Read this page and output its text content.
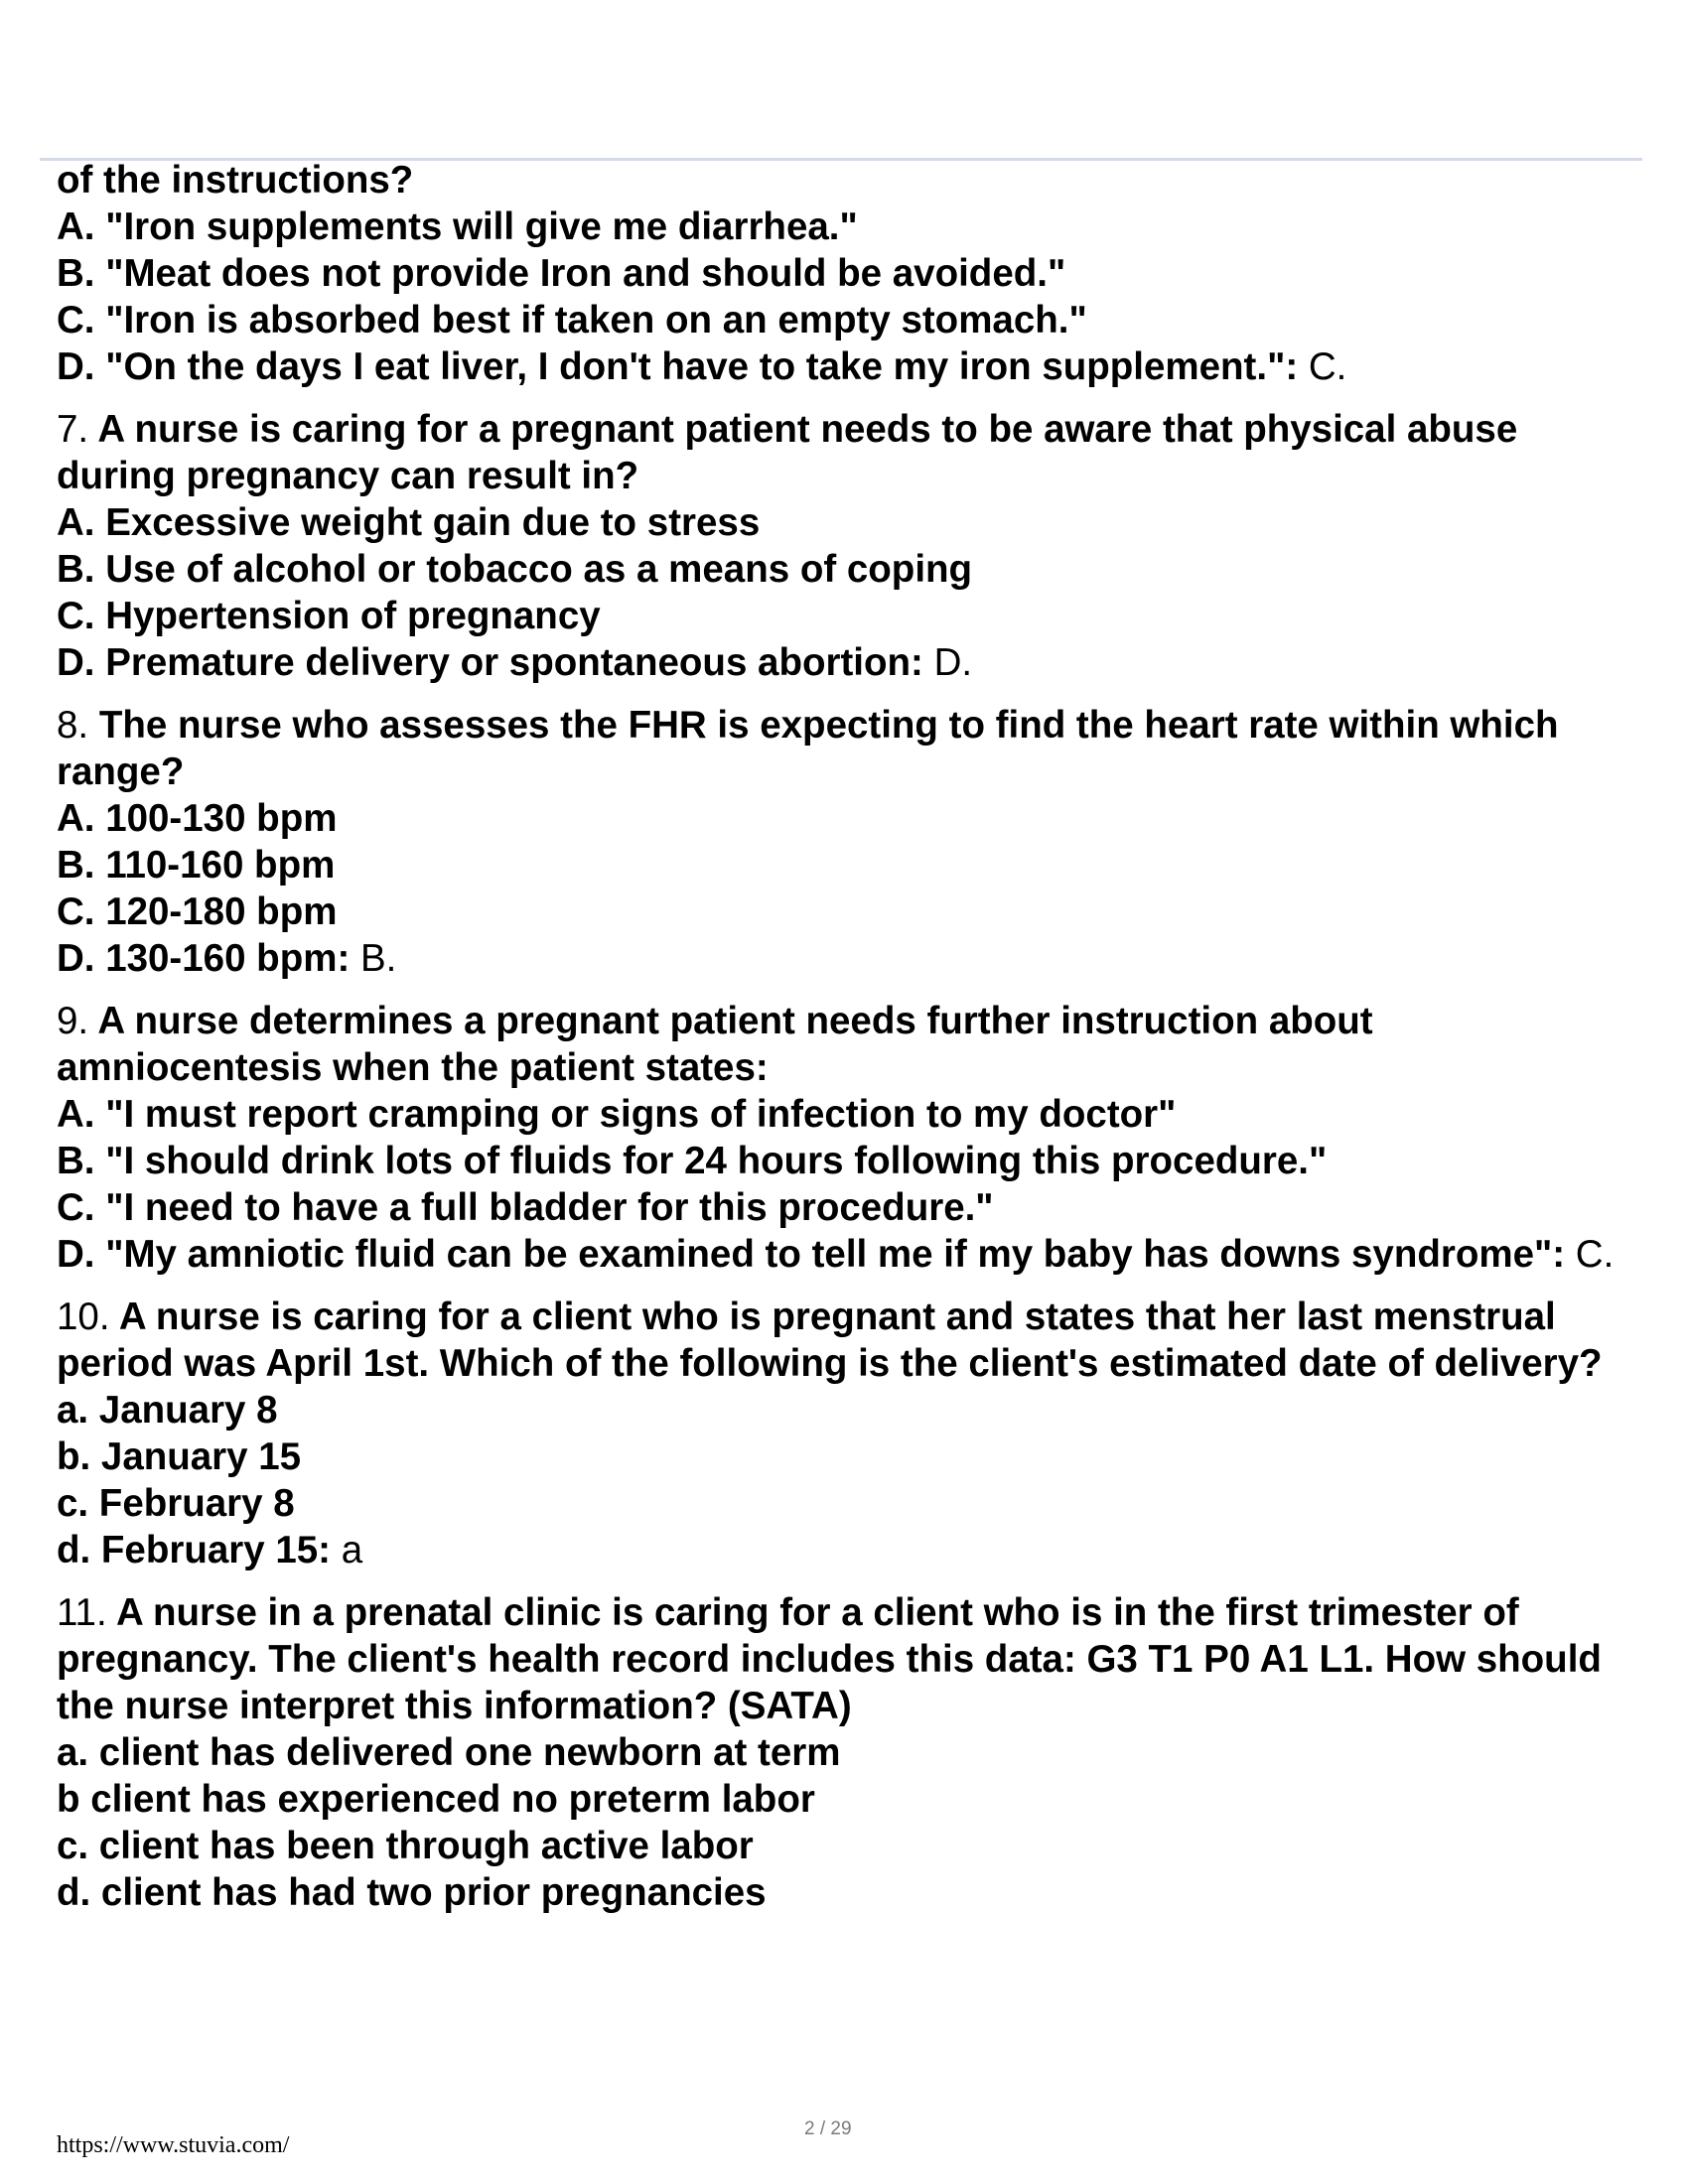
of the instructions?
A. "Iron supplements will give me diarrhea."
B. "Meat does not provide Iron and should be avoided."
C. "Iron is absorbed best if taken on an empty stomach."
D. "On the days I eat liver, I don't have to take my iron supplement.": C.
7. A nurse is caring for a pregnant patient needs to be aware that physical abuse during pregnancy can result in?
A. Excessive weight gain due to stress
B. Use of alcohol or tobacco as a means of coping
C. Hypertension of pregnancy
D. Premature delivery or spontaneous abortion: D.
8. The nurse who assesses the FHR is expecting to find the heart rate within which range?
A. 100-130 bpm
B. 110-160 bpm
C. 120-180 bpm
D. 130-160 bpm: B.
9. A nurse determines a pregnant patient needs further instruction about amniocentesis when the patient states:
A. "I must report cramping or signs of infection to my doctor"
B. "I should drink lots of fluids for 24 hours following this procedure."
C. "I need to have a full bladder for this procedure."
D. "My amniotic fluid can be examined to tell me if my baby has downs syndrome": C.
10. A nurse is caring for a client who is pregnant and states that her last menstrual period was April 1st. Which of the following is the client's estimated date of delivery?
a. January 8
b. January 15
c. February 8
d. February 15: a
11. A nurse in a prenatal clinic is caring for a client who is in the first trimester of pregnancy. The client's health record includes this data: G3 T1 P0 A1 L1. How should the nurse interpret this information? (SATA)
a. client has delivered one newborn at term
b client has experienced no preterm labor
c. client has been through active labor
d. client has had two prior pregnancies
https://www.stuvia.com/
2 / 29
